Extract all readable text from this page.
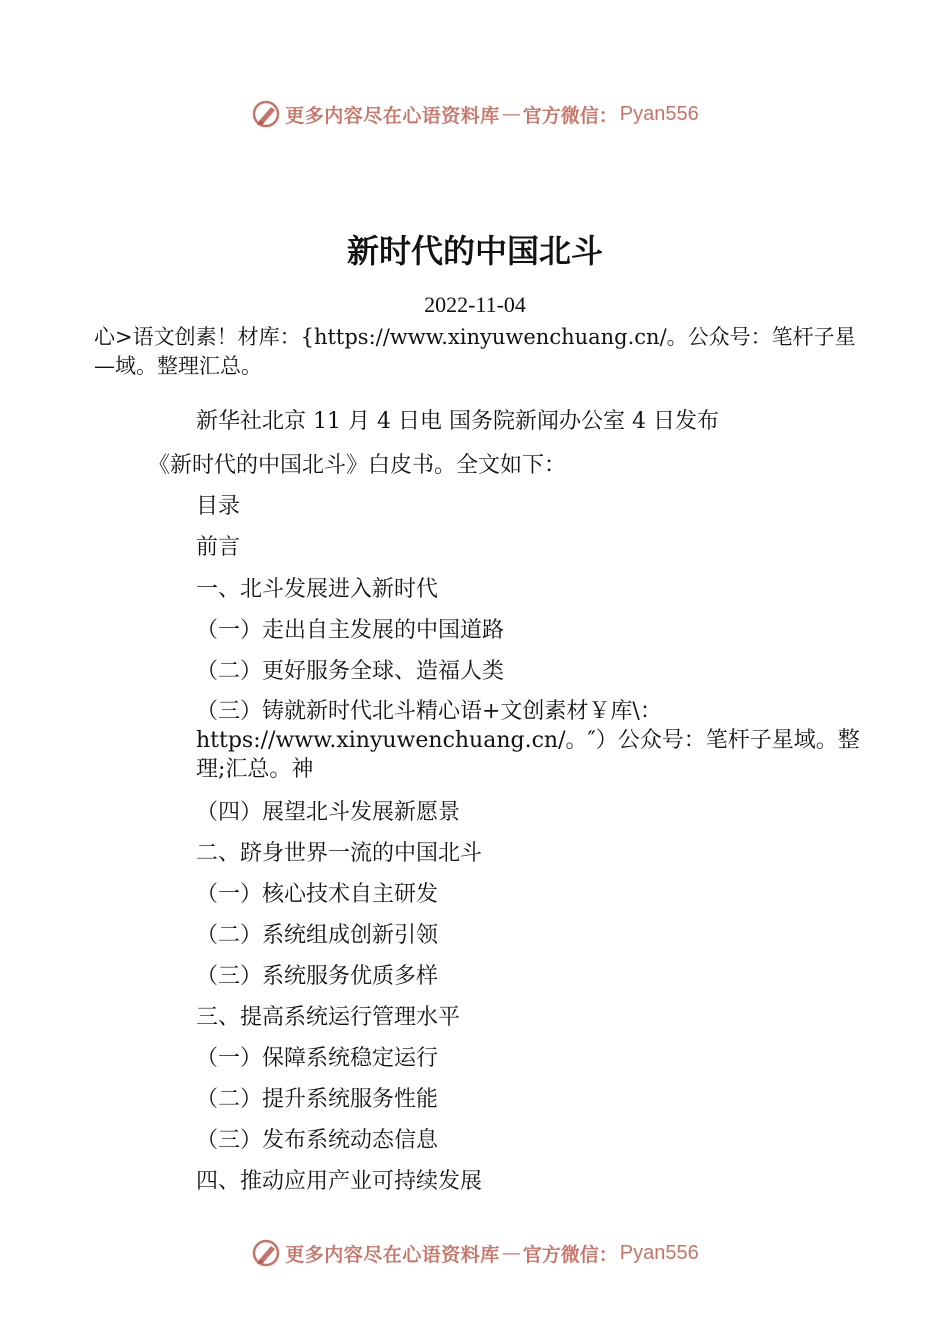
更多内容尽在心语资料库 — 官方微信： Pyan556
新时代的中国北斗
2022-11-04
心>语文创素！材库：{https://www.xinyuwenchuang.cn/。公众号：笔杆子星—域。整理汇总。
新华社北京 11 月 4 日电 国务院新闻办公室 4 日发布
《新时代的中国北斗》白皮书。全文如下：
目录
前言
一、北斗发展进入新时代
（一）走出自主发展的中国道路
（二）更好服务全球、造福人类
（三）铸就新时代北斗精心语+文创素材￥库\：https://www.xinyuwenchuang.cn/。″）公众号：笔杆子星域。整理;汇总。神
（四）展望北斗发展新愿景
二、跻身世界一流的中国北斗
（一）核心技术自主研发
（二）系统组成创新引领
（三）系统服务优质多样
三、提高系统运行管理水平
（一）保障系统稳定运行
（二）提升系统服务性能
（三）发布系统动态信息
四、推动应用产业可持续发展
更多内容尽在心语资料库 — 官方微信： Pyan556
